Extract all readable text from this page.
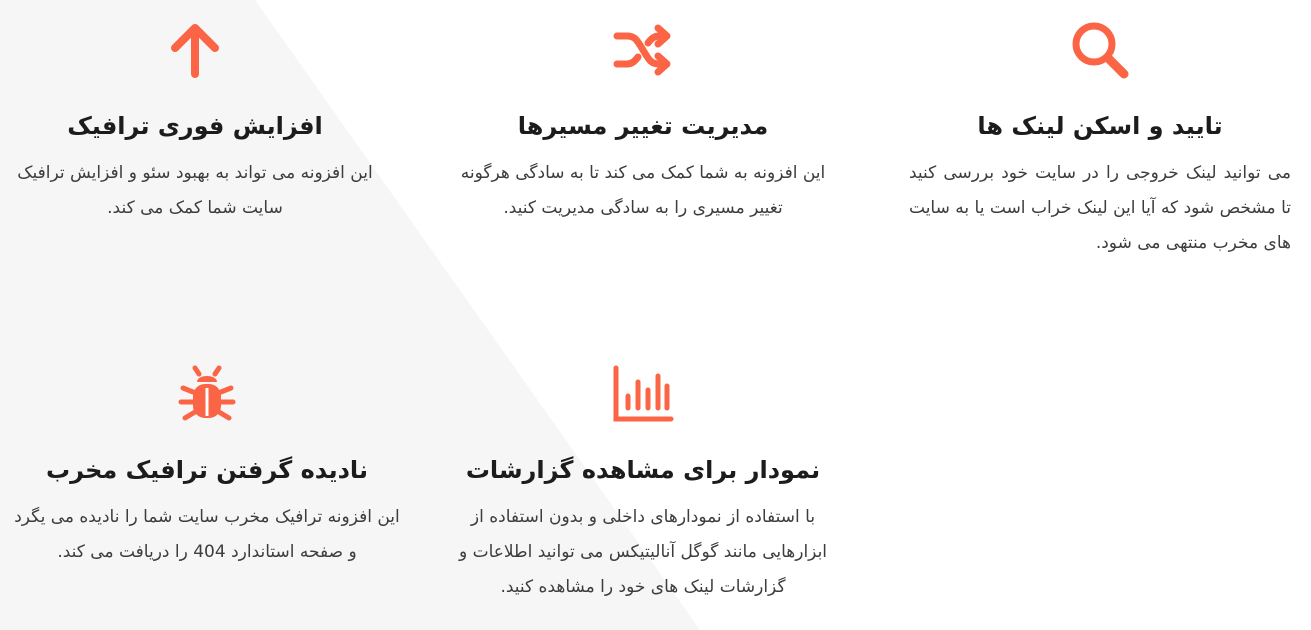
افزایش فوری ترافیک
این افزونه می تواند به بهبود سئو و افزایش ترافیک سایت شما کمک می کند.
مدیریت تغییر مسیرها
این افزونه به شما کمک می کند تا به سادگی هرگونه تغییر مسیری را به سادگی مدیریت کنید.
تایید و اسکن لینک ها
می توانید لینک خروجی را در سایت خود بررسی کنید تا مشخص شود که آیا این لینک خراب است یا به سایت های مخرب منتهی می شود.
نادیده گرفتن ترافیک مخرب
این افزونه ترافیک مخرب سایت شما را نادیده می یگرد و صفحه استاندارد 404 را دریافت می کند.
نمودار برای مشاهده گزارشات
با استفاده از نمودارهای داخلی و بدون استفاده از ابزارهایی مانند گوگل آنالیتیکس می توانید اطلاعات و گزارشات لینک های خود را مشاهده کنید.
